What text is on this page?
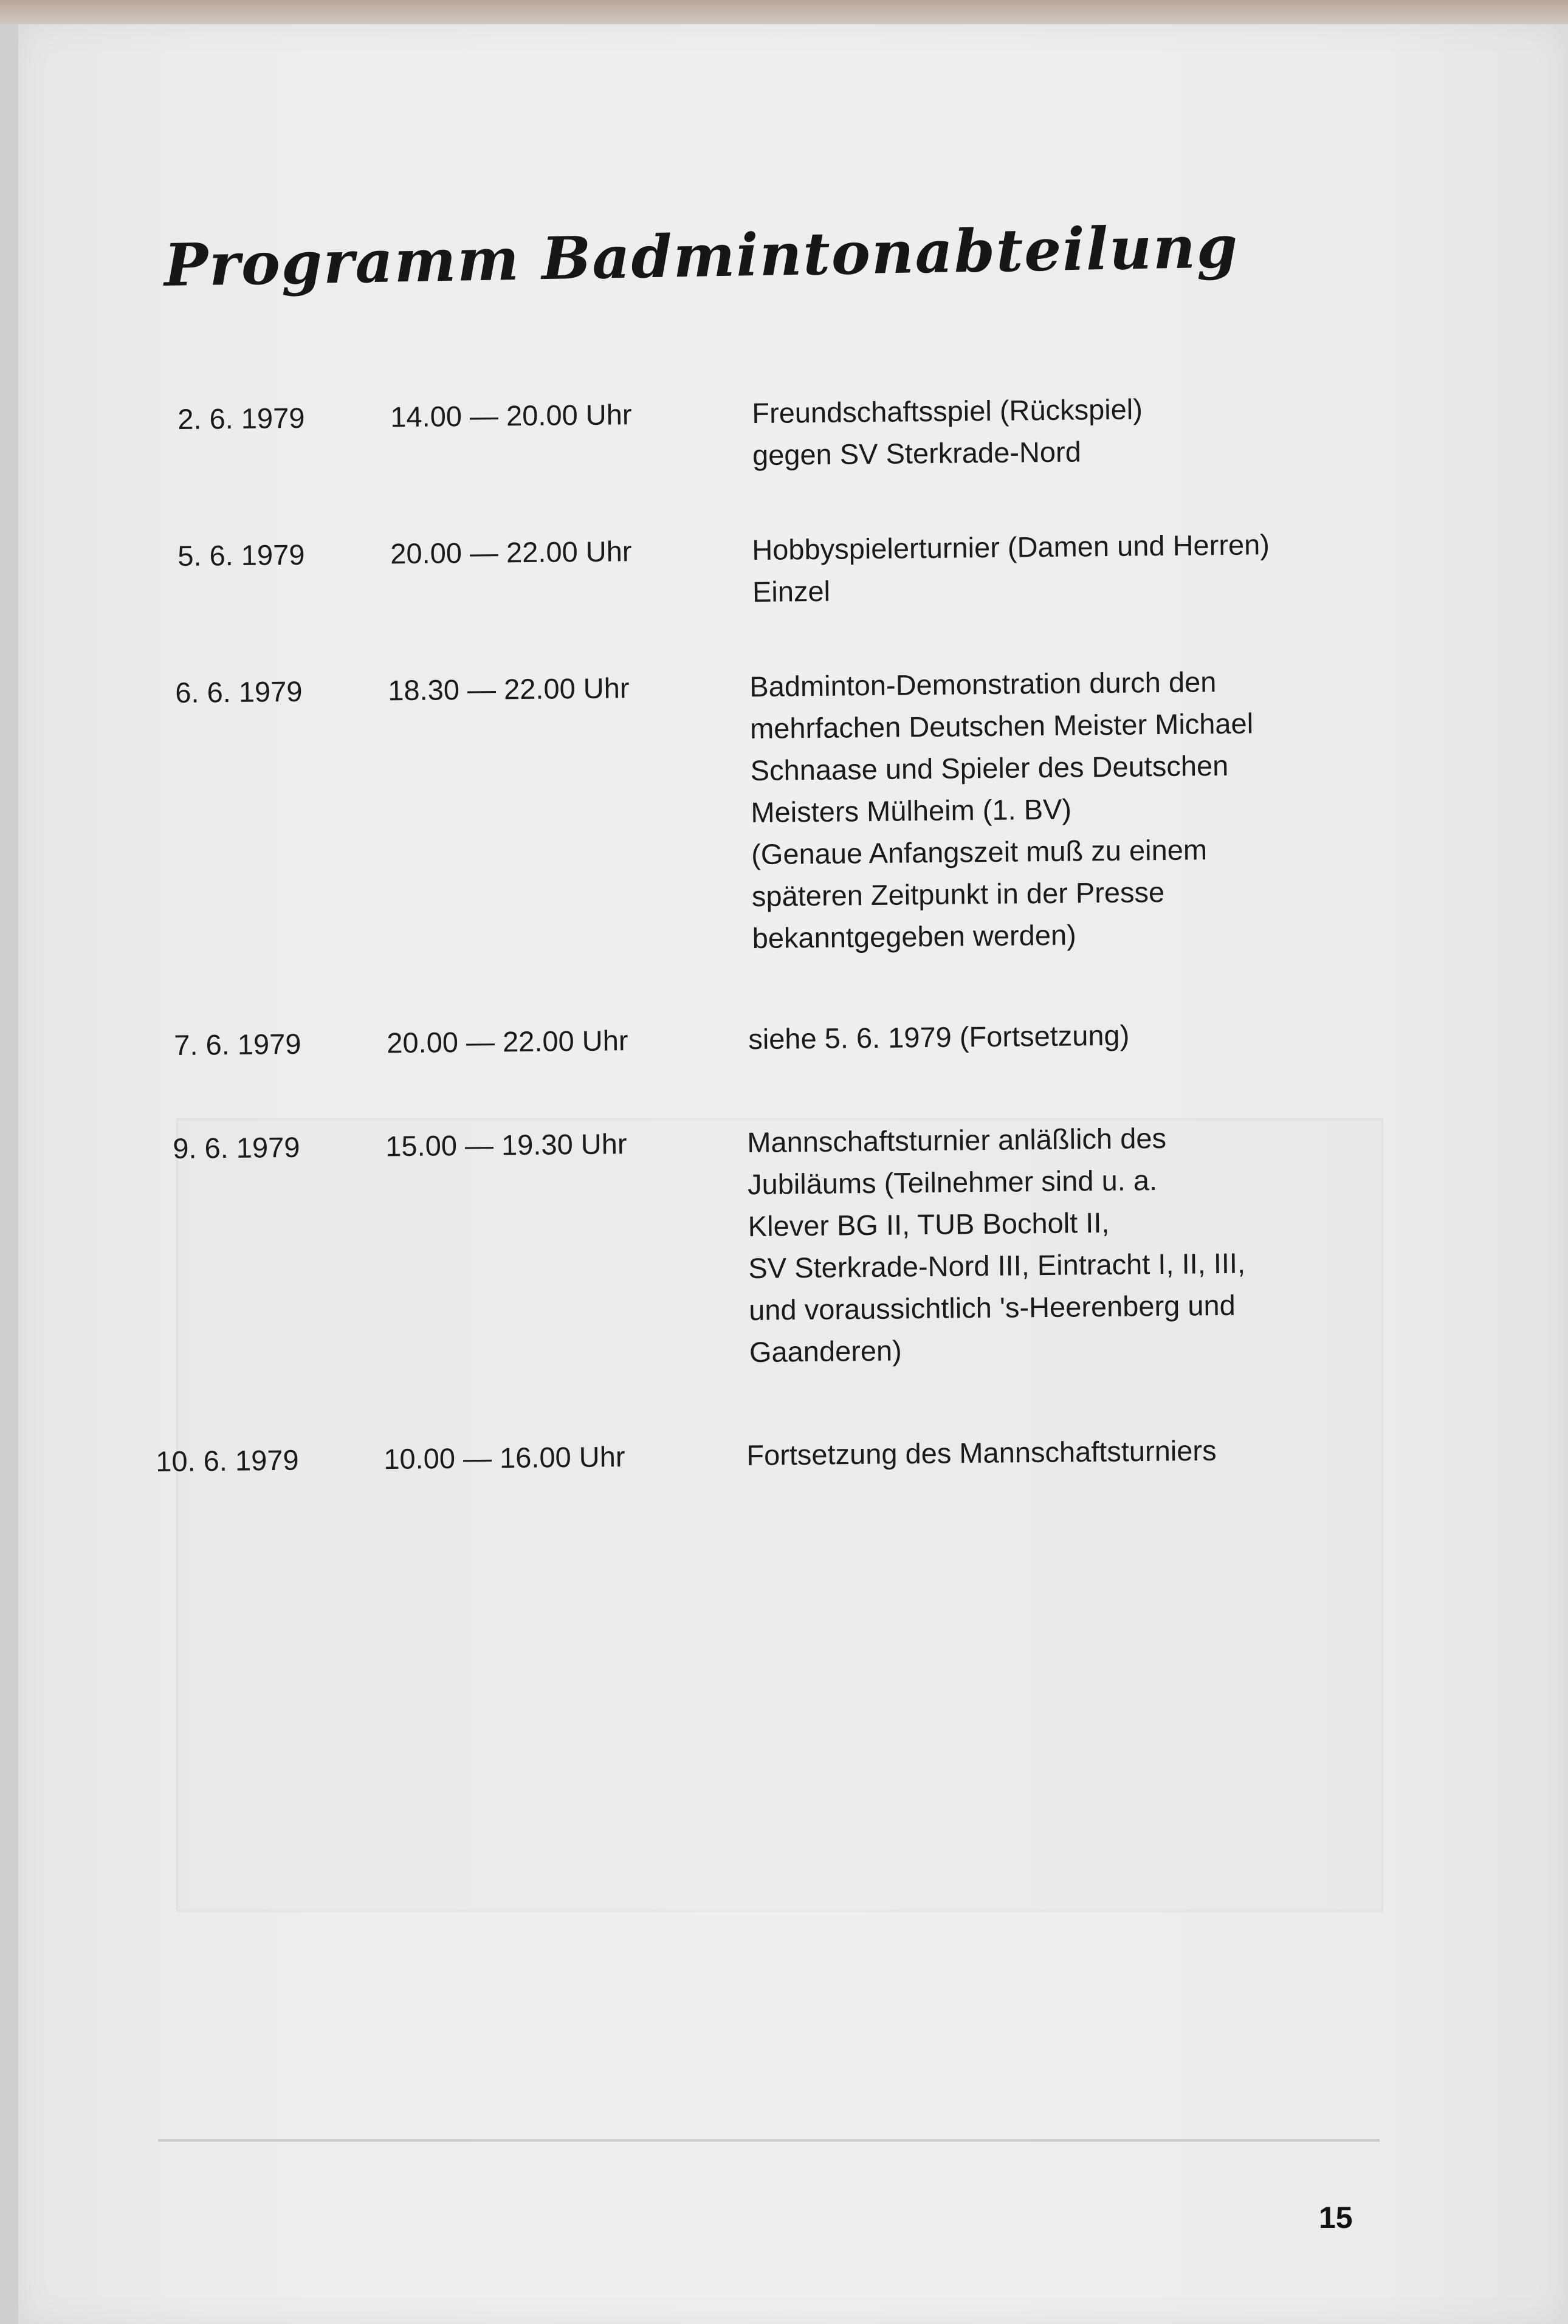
Programm Badmintonabteilung
2. 6. 1979	14.00 — 20.00 Uhr	Freundschaftsspiel (Rückspiel)
gegen SV Sterkrade-Nord
5. 6. 1979	20.00 — 22.00 Uhr	Hobbyspielerturnier (Damen und Herren)
Einzel
6. 6. 1979	18.30 — 22.00 Uhr	Badminton-Demonstration durch den
mehrfachen Deutschen Meister Michael
Schnaase und Spieler des Deutschen
Meisters Mülheim (1. BV)
(Genaue Anfangszeit muß zu einem
späteren Zeitpunkt in der Presse
bekanntgegeben werden)
7. 6. 1979	20.00 — 22.00 Uhr	siehe 5. 6. 1979 (Fortsetzung)
9. 6. 1979	15.00 — 19.30 Uhr	Mannschaftsturnier anläßlich des
Jubiläums (Teilnehmer sind u. a.
Klever BG II, TUB Bocholt II,
SV Sterkrade-Nord III, Eintracht I, II, III,
und voraussichtlich 's-Heerenberg und
Gaanderen)
10. 6. 1979	10.00 — 16.00 Uhr	Fortsetzung des Mannschaftsturniers
15
